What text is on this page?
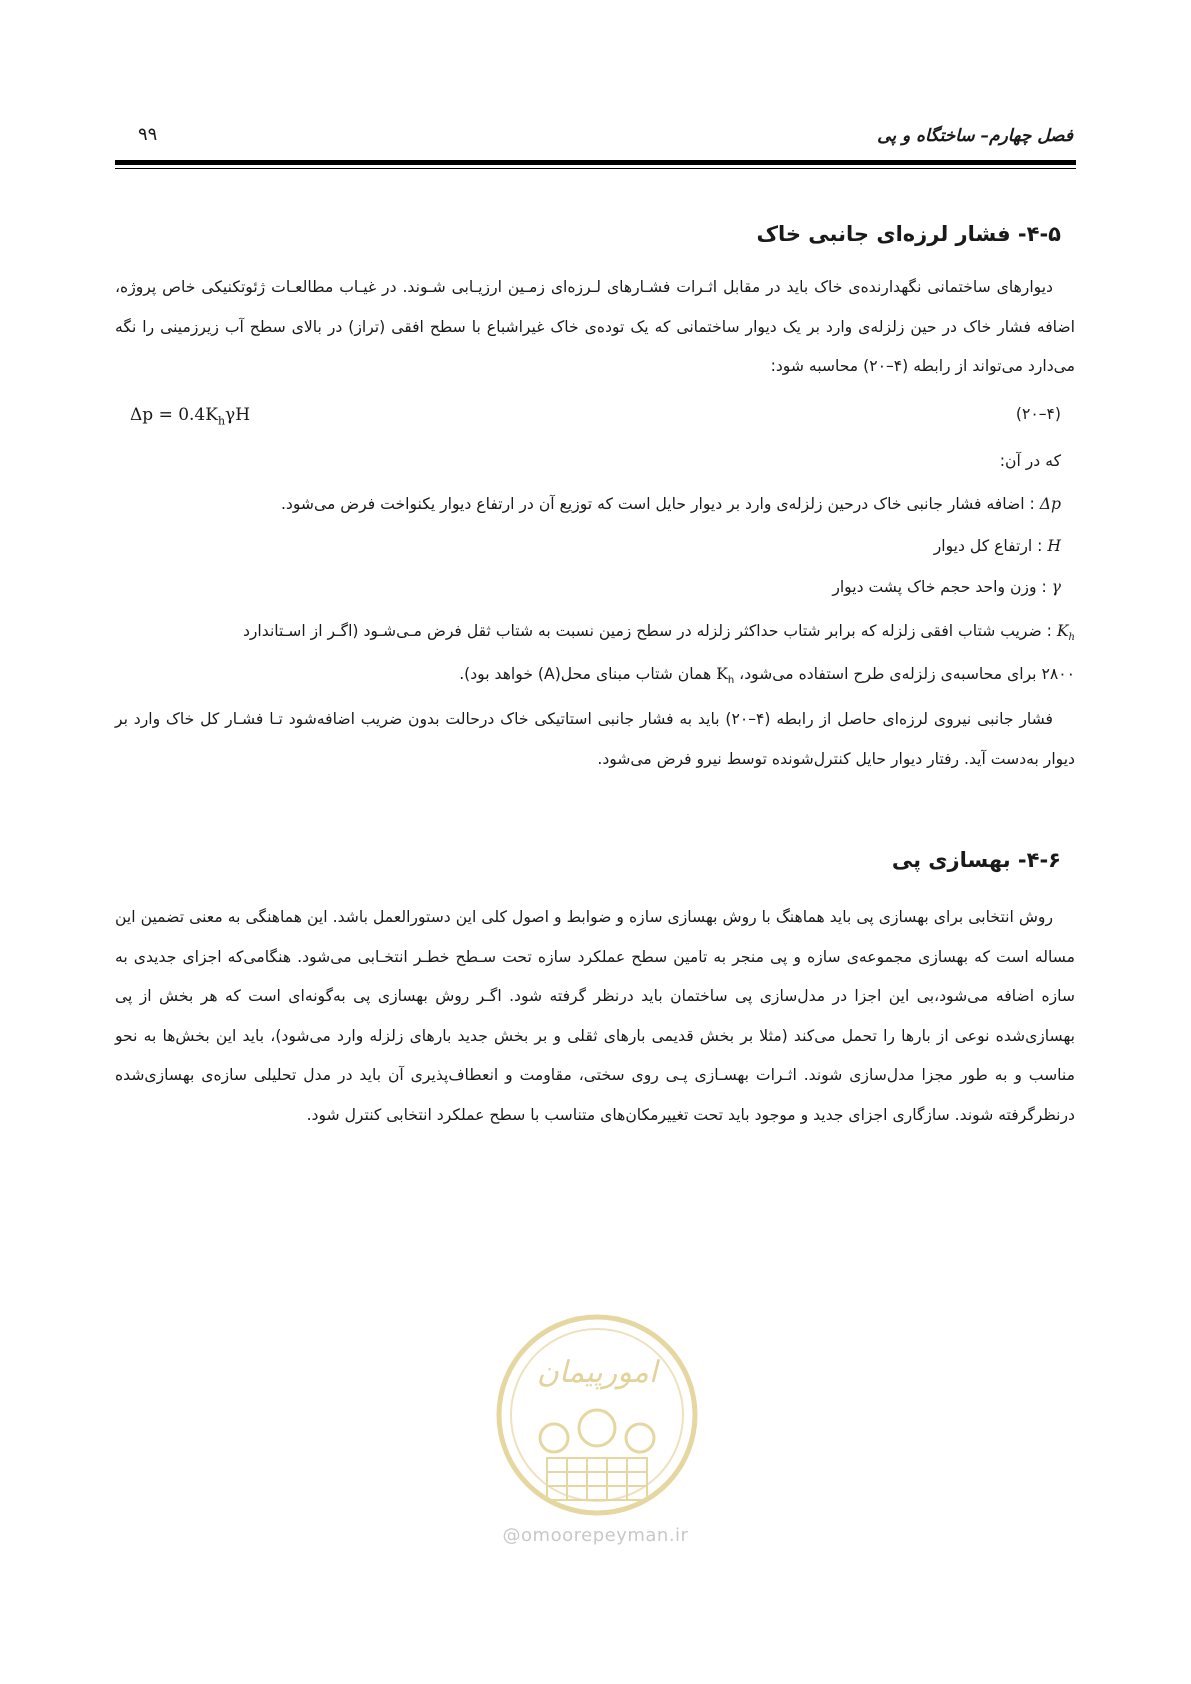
فصل چهارم– ساختگاه و پی
۹۹
۴-۵- فشار لرزه‌ای جانبی خاک
دیوارهای ساختمانی نگهدارنده‌ی خاک باید در مقابل اثـرات فشـارهای لـرزه‌ای زمـین ارزیـابی شـوند. در غیـاب مطالعـات ژئوتکنیکی خاص پروژه، اضافه فشار خاک در حین زلزله‌ی وارد بر یک دیوار ساختمانی که یک توده‌ی خاک غیراشباع با سطح افقی (تراز) در بالای سطح آب زیرزمینی را نگه می‌دارد می‌تواند از رابطه (۴–۲۰) محاسبه شود:
$\Delta p = 0.4K_h\gamma H$	(۴–۲۰)
که در آن:
Δp : اضافه فشار جانبی خاک درحین زلزله‌ی وارد بر دیوار حایل است که توزیع آن در ارتفاع دیوار یکنواخت فرض می‌شود.
H : ارتفاع کل دیوار
γ : وزن واحد حجم خاک پشت دیوار
$K_h$ : ضریب شتاب افقی زلزله که برابر شتاب حداکثر زلزله در سطح زمین نسبت به شتاب ثقل فرض مـی‌شـود (اگـر از اسـتاندارد
۲۸۰۰ برای محاسبه‌ی زلزله‌ی طرح استفاده می‌شود، $K_h$ همان شتاب مبنای محل(A) خواهد بود).
فشار جانبی نیروی لرزه‌ای حاصل از رابطه (۴–۲۰) باید به فشار جانبی استاتیکی خاک درحالت بدون ضریب اضافه‌شود تـا فشـار کل خاک وارد بر دیوار به‌دست آید. رفتار دیوار حایل کنترل‌شونده توسط نیرو فرض می‌شود.
۴-۶- بهسازی پی
روش انتخابی برای بهسازی پی باید هماهنگ با روش بهسازی سازه و ضوابط و اصول کلی این دستورالعمل باشد. این هماهنگی به معنی تضمین این مساله است که بهسازی مجموعه‌ی سازه و پی منجر به تامین سطح عملکرد سازه تحت سـطح خطـر انتخـابی می‌شود. هنگامی‌که اجزای جدیدی به سازه اضافه می‌شود،بی این اجزا در مدل‌سازی پی ساختمان باید درنظر گرفته شود. اگـر روش بهسازی پی به‌گونه‌ای است که هر بخش از پی بهسازی‌شده نوعی از بارها را تحمل می‌کند (مثلا بر بخش قدیمی بارهای ثقلی و بر بخش جدید بارهای زلزله وارد می‌شود)، باید این بخش‌ها به نحو مناسب و به طور مجزا مدل‌سازی شوند. اثـرات بهسـازی پـی روی سختی، مقاومت و انعطاف‌پذیری آن باید در مدل تحلیلی سازه‌ی بهسازی‌شده درنظرگرفته شوند. سازگاری اجزای جدید و موجود باید تحت تغییرمکان‌های متناسب با سطح عملکرد انتخابی کنترل شود.
امورپیمان
@omoorepeyman.ir
